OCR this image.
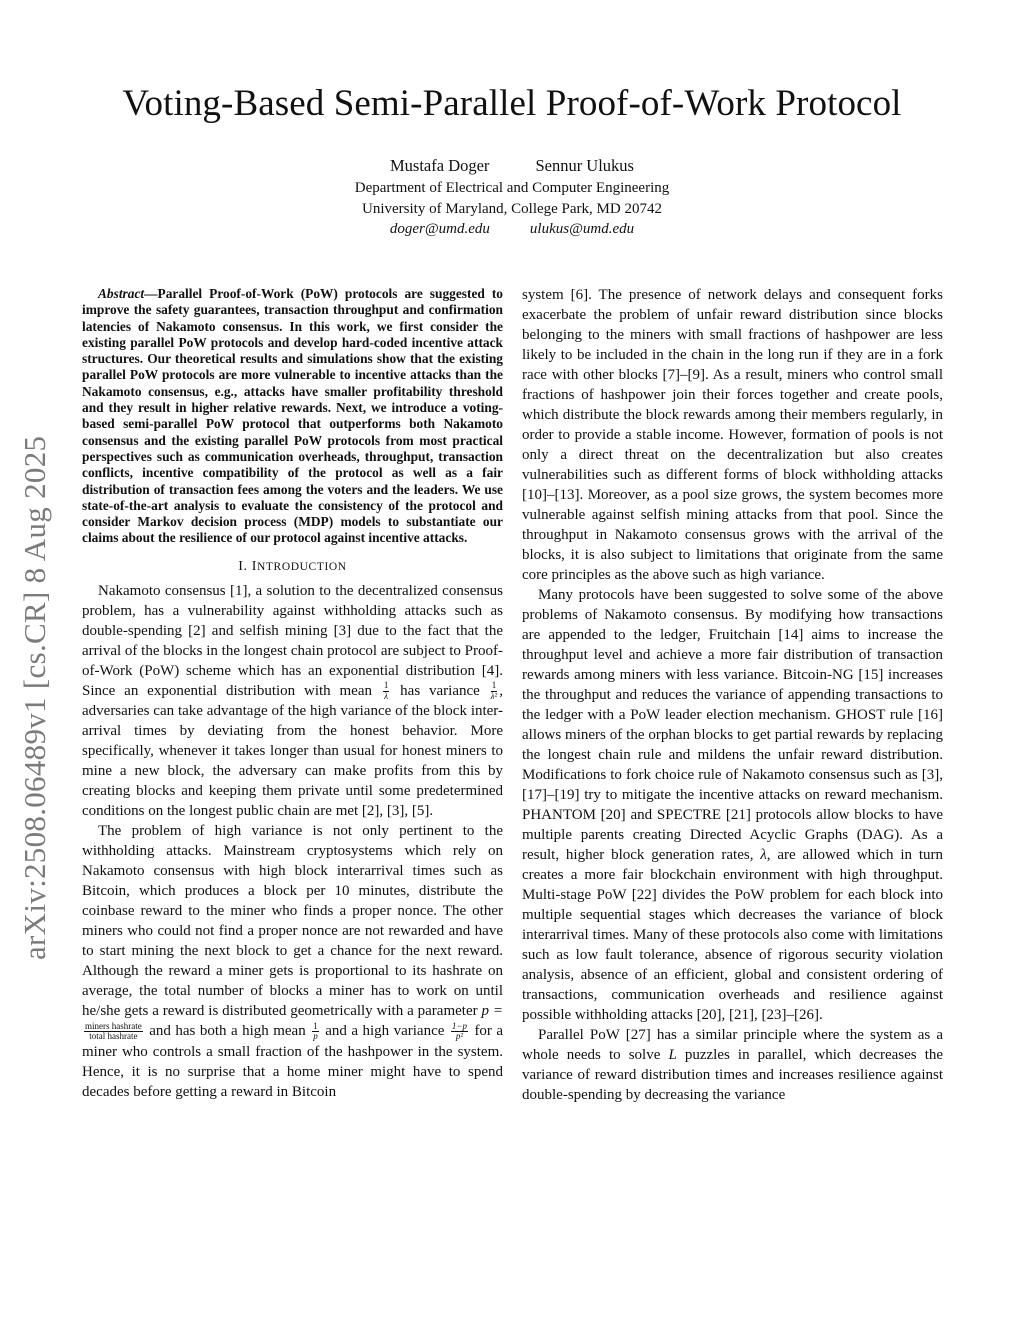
Voting-Based Semi-Parallel Proof-of-Work Protocol
Mustafa Doger	Sennur Ulukus
Department of Electrical and Computer Engineering
University of Maryland, College Park, MD 20742
doger@umd.edu	ulukus@umd.edu
arXiv:2508.06489v1 [cs.CR] 8 Aug 2025

Abstract—Parallel Proof-of-Work (PoW) protocols are suggested to improve the safety guarantees, transaction throughput and confirmation latencies of Nakamoto consensus. In this work, we first consider the existing parallel PoW protocols and develop hard-coded incentive attack structures. Our theoretical results and simulations show that the existing parallel PoW protocols are more vulnerable to incentive attacks than the Nakamoto consensus, e.g., attacks have smaller profitability threshold and they result in higher relative rewards. Next, we introduce a voting-based semi-parallel PoW protocol that outperforms both Nakamoto consensus and the existing parallel PoW protocols from most practical perspectives such as communication overheads, throughput, transaction conflicts, incentive compatibility of the protocol as well as a fair distribution of transaction fees among the voters and the leaders. We use state-of-the-art analysis to evaluate the consistency of the protocol and consider Markov decision process (MDP) models to substantiate our claims about the resilience of our protocol against incentive attacks.

I. INTRODUCTION

Nakamoto consensus [1], a solution to the decentralized consensus problem, has a vulnerability against withholding attacks such as double-spending [2] and selfish mining [3] due to the fact that the arrival of the blocks in the longest chain protocol are subject to Proof-of-Work (PoW) scheme which has an exponential distribution [4]. Since an exponential distribution with mean $\frac{1}{\lambda}$ has variance $\frac{1}{\text{λ²}}$ , adversaries can take advantage of the high variance of the block inter-arrival times by deviating from the honest behavior. More specifically, whenever it takes longer than usual for honest miners to mine a new block, the adversary can make profits from this by creating blocks and keeping them private until some predetermined conditions on the longest public chain are met [2], [3], [5].

The problem of high variance is not only pertinent to the withholding attacks. Mainstream cryptosystems which rely on Nakamoto consensus with high block interarrival times such as Bitcoin, which produces a block per 10 minutes, distribute the coinbase reward to the miner who finds a proper nonce. The other miners who could not find a proper nonce are not rewarded and have to start mining the next block to get a chance for the next reward. Although the reward a miner gets is proportional to its hashrate on average, the total number of blocks a miner has to work on until he/she gets a reward is distributed geometrically with a parameter p =
$\frac{\text{miners hashrate}}{\text{total hashrate}}$ and has both a high mean $\frac{1}{p}$ and a high variance $\frac{1-p}{\text{p²}}$ for a miner who controls a small fraction of the hashpower in the system. Hence, it is no surprise that a home miner might have to spend decades before getting a reward in Bitcoin

system [6]. The presence of network delays and consequent forks exacerbate the problem of unfair reward distribution since blocks belonging to the miners with small fractions of hashpower are less likely to be included in the chain in the long run if they are in a fork race with other blocks [7]–[9]. As a result, miners who control small fractions of hashpower join their forces together and create pools, which distribute the block rewards among their members regularly, in order to provide a stable income. However, formation of pools is not only a direct threat on the decentralization but also creates vulnerabilities such as different forms of block withholding attacks [10]–[13]. Moreover, as a pool size grows, the system becomes more vulnerable against selfish mining attacks from that pool. Since the throughput in Nakamoto consensus grows with the arrival of the blocks, it is also subject to limitations that originate from the same core principles as the above such as high variance.

Many protocols have been suggested to solve some of the above problems of Nakamoto consensus. By modifying how transactions are appended to the ledger, Fruitchain [14] aims to increase the throughput level and achieve a more fair distribution of transaction rewards among miners with less variance. Bitcoin-NG [15] increases the throughput and reduces the variance of appending transactions to the ledger with a PoW leader election mechanism. GHOST rule [16] allows miners of the orphan blocks to get partial rewards by replacing the longest chain rule and mildens the unfair reward distribution. Modifications to fork choice rule of Nakamoto consensus such as [3], [17]–[19] try to mitigate the incentive attacks on reward mechanism. PHANTOM [20] and SPECTRE [21] protocols allow blocks to have multiple parents creating Directed Acyclic Graphs (DAG). As a result, higher block generation rates, λ, are allowed which in turn creates a more fair blockchain environment with high throughput. Multi-stage PoW [22] divides the PoW problem for each block into multiple sequential stages which decreases the variance of block interarrival times. Many of these protocols also come with limitations such as low fault tolerance, absence of rigorous security violation analysis, absence of an efficient, global and consistent ordering of transactions, communication overheads and resilience against possible withholding attacks [20], [21], [23]–[26].

Parallel PoW [27] has a similar principle where the system as a whole needs to solve L puzzles in parallel, which decreases the variance of reward distribution times and increases resilience against double-spending by decreasing the variance
